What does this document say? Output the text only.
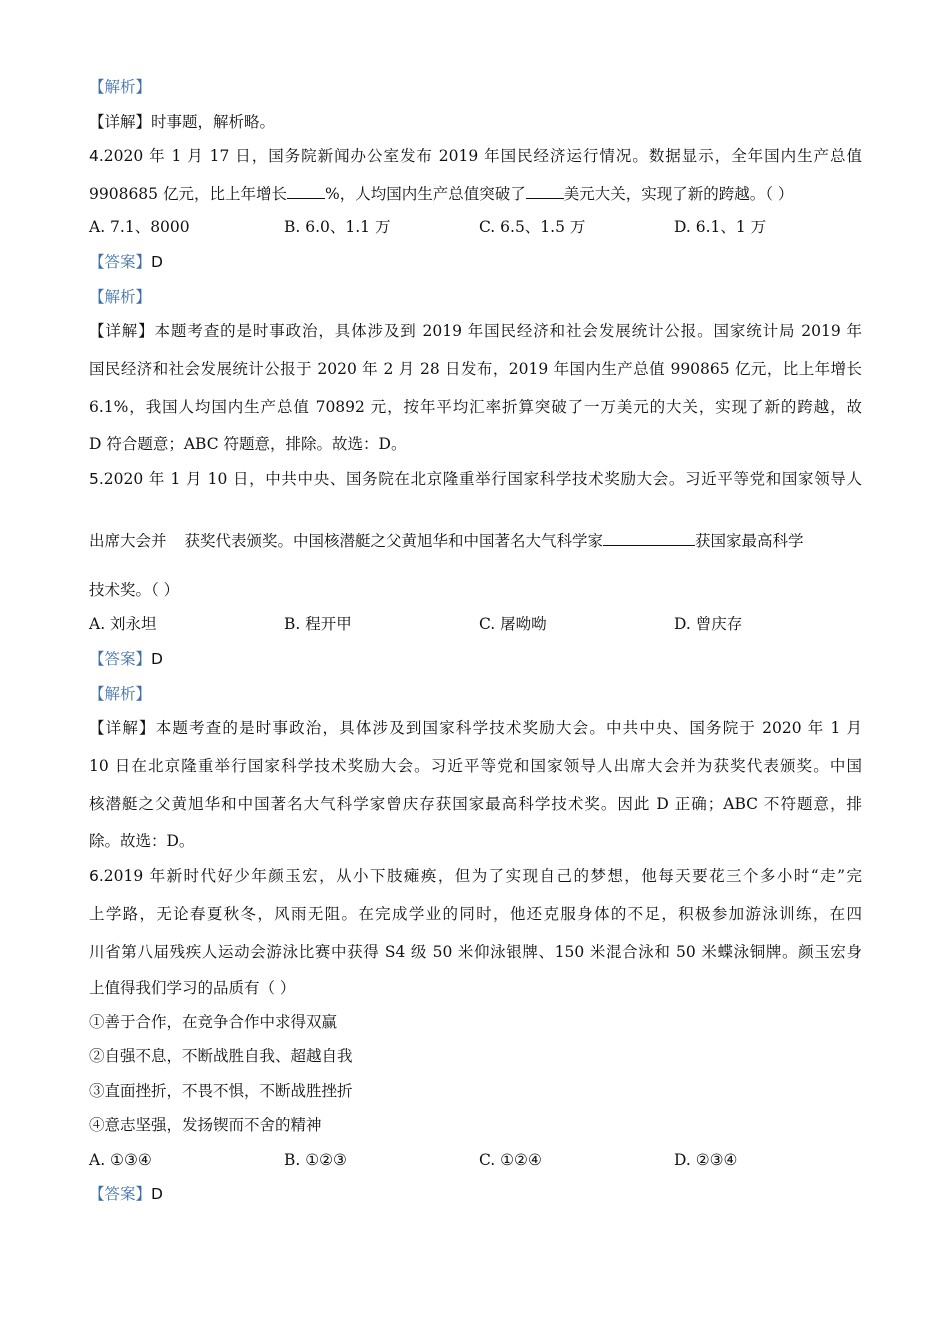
【解析】
【详解】时事题，解析略。
4.2020 年 1 月 17 日，国务院新闻办公室发布 2019 年国民经济运行情况。数据显示，全年国内生产总值
9908685 亿元，比上年增长 %，人均国内生产总值突破了 美元大关，实现了新的跨越。（ ）
A. 7.1、8000	B. 6.0、1.1 万	C. 6.5、1.5 万	D. 6.1、1 万
【答案】D
【解析】
【详解】本题考查的是时事政治，具体涉及到 2019 年国民经济和社会发展统计公报。国家统计局 2019 年
国民经济和社会发展统计公报于 2020 年 2 月 28 日发布，2019 年国内生产总值 990865 亿元，比上年增长
6.1%，我国人均国内生产总值 70892 元，按年平均汇率折算突破了一万美元的大关，实现了新的跨越，故
D 符合题意；ABC 符题意，排除。故选：D。
5.2020 年 1 月 10 日，中共中央、国务院在北京隆重举行国家科学技术奖励大会。习近平等党和国家领导人
出席大会并 获奖代表颁奖。中国核潜艇之父黄旭华和中国著名大气科学家	获国家最高科学
技术奖。（ ）
A. 刘永坦	B. 程开甲	C. 屠呦呦	D. 曾庆存
【答案】D
【解析】
【详解】本题考查的是时事政治，具体涉及到国家科学技术奖励大会。中共中央、国务院于 2020 年 1 月
10 日在北京隆重举行国家科学技术奖励大会。习近平等党和国家领导人出席大会并为获奖代表颁奖。中国
核潜艇之父黄旭华和中国著名大气科学家曾庆存获国家最高科学技术奖。因此 D 正确；ABC 不符题意，排
除。故选：D。
6.2019 年新时代好少年颜玉宏，从小下肢瘫痪，但为了实现自己的梦想，他每天要花三个多小时“走”完
上学路，无论春夏秋冬，风雨无阻。在完成学业的同时，他还克服身体的不足，积极参加游泳训练，在四
川省第八届残疾人运动会游泳比赛中获得 S4 级 50 米仰泳银牌、150 米混合泳和 50 米蝶泳铜牌。颜玉宏身
上值得我们学习的品质有（ ）
①善于合作，在竞争合作中求得双赢
②自强不息，不断战胜自我、超越自我
③直面挫折，不畏不惧，不断战胜挫折
④意志坚强，发扬锲而不舍的精神
A. ①③④	B. ①②③	C. ①②④	D. ②③④
【答案】D
